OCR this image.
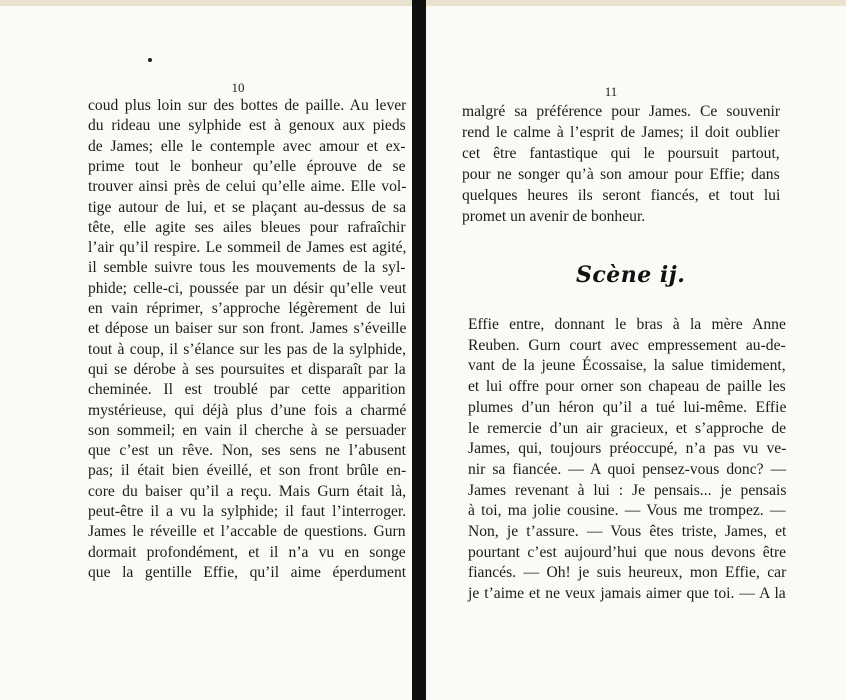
10	11
coud plus loin sur des bottes de paille. Au lever
du rideau une sylphide est à genoux aux pieds
de James; elle le contemple avec amour et ex-
prime tout le bonheur qu’elle éprouve de se
trouver ainsi près de celui qu’elle aime. Elle vol-
tige autour de lui, et se plaçant au-dessus de sa
tête, elle agite ses ailes bleues pour rafraîchir
l’air qu’il respire. Le sommeil de James est agité,
il semble suivre tous les mouvements de la syl-
phide; celle-ci, poussée par un désir qu’elle veut
en vain réprimer, s’approche légèrement de lui
et dépose un baiser sur son front. James s’éveille
tout à coup, il s’élance sur les pas de la sylphide,
qui se dérobe à ses poursuites et disparaît par la
cheminée. Il est troublé par cette apparition
mystérieuse, qui déjà plus d’une fois a charmé
son sommeil; en vain il cherche à se persuader
que c’est un rêve. Non, ses sens ne l’abusent
pas; il était bien éveillé, et son front brûle en-
core du baiser qu’il a reçu. Mais Gurn était là,
peut-être il a vu la sylphide; il faut l’interroger.
James le réveille et l’accable de questions. Gurn
dormait profondément, et il n’a vu en songe
que la gentille Effie, qu’il aime éperdument
malgré sa préférence pour James. Ce souvenir
rend le calme à l’esprit de James; il doit oublier
cet être fantastique qui le poursuit partout,
pour ne songer qu’à son amour pour Effie; dans
quelques heures ils seront fiancés, et tout lui
promet un avenir de bonheur.
Scène ij.
Effie entre, donnant le bras à la mère Anne
Reuben. Gurn court avec empressement au-de-
vant de la jeune Écossaise, la salue timidement,
et lui offre pour orner son chapeau de paille les
plumes d’un héron qu’il a tué lui-même. Effie
le remercie d’un air gracieux, et s’approche de
James, qui, toujours préoccupé, n’a pas vu ve-
nir sa fiancée. — A quoi pensez-vous donc? —
James revenant à lui : Je pensais... je pensais
à toi, ma jolie cousine. — Vous me trompez. —
Non, je t’assure. — Vous êtes triste, James, et
pourtant c’est aujourd’hui que nous devons être
fiancés. — Oh! je suis heureux, mon Effie, car
je t’aime et ne veux jamais aimer que toi. — A la
